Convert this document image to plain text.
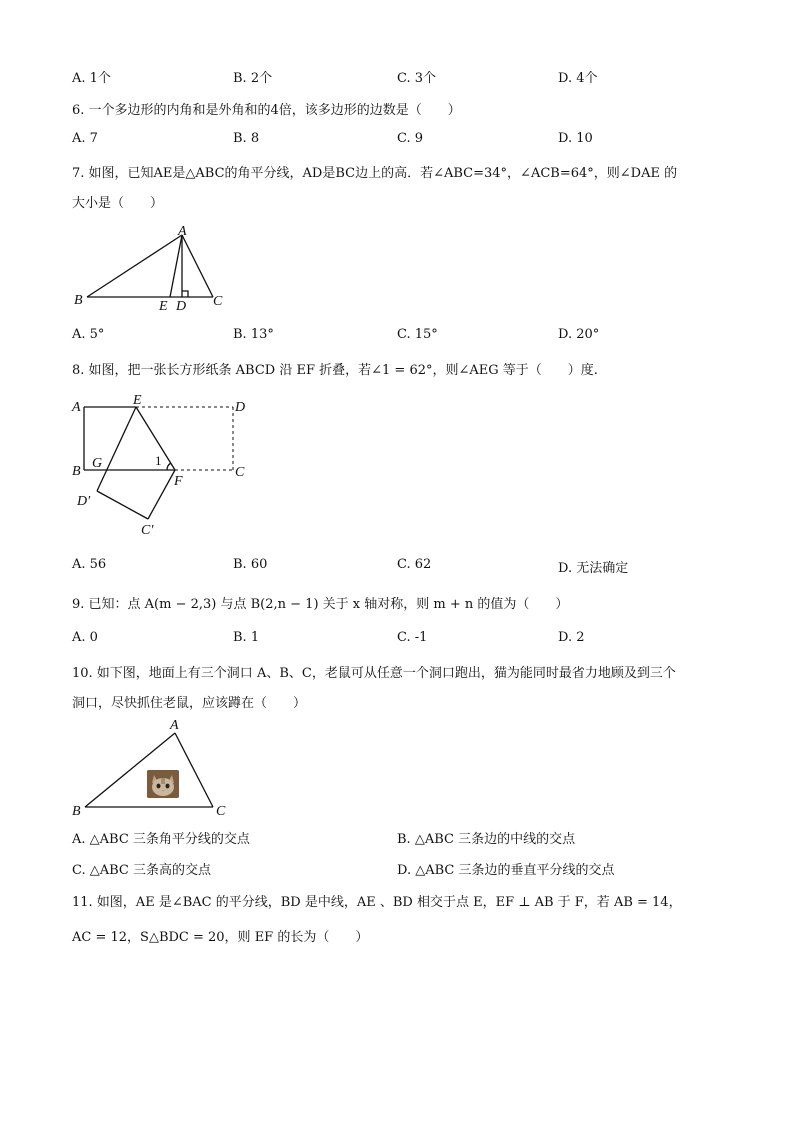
A. 1个	B. 2个	C. 3个	D. 4个
6. 一个多边形的内角和是外角和的4倍，该多边形的边数是（　　）
A. 7	B. 8	C. 9	D. 10
7. 如图，已知AE是△ABC的角平分线，AD是BC边上的高．若∠ABC=34°，∠ACB=64°，则∠DAE 的
大小是（　　）
A
B	E D C
A. 5°	B. 13°	C. 15°	D. 20°
8. 如图，把一张长方形纸条 ABCD 沿 EF 折叠，若∠1 = 62°，则∠AEG 等于（　　）度.
A	E	D
B
G	1
F
C
D′
C′
A. 56	B. 60	C. 62	D. 无法确定
9. 已知：点 A(m − 2,3) 与点 B(2,n − 1) 关于 x 轴对称，则 m + n 的值为（　　）
A. 0	B. 1	C. -1	D. 2
10. 如下图，地面上有三个洞口 A、B、C，老鼠可从任意一个洞口跑出，猫为能同时最省力地顾及到三个
洞口，尽快抓住老鼠，应该蹲在（　　）
A
B	C
A. △ABC 三条角平分线的交点	B. △ABC 三条边的中线的交点
C. △ABC 三条高的交点	D. △ABC 三条边的垂直平分线的交点
11. 如图，AE 是∠BAC 的平分线，BD 是中线，AE 、BD 相交于点 E，EF ⊥ AB 于 F，若 AB = 14，
AC = 12，S△BDC = 20，则 EF 的长为（　　）
